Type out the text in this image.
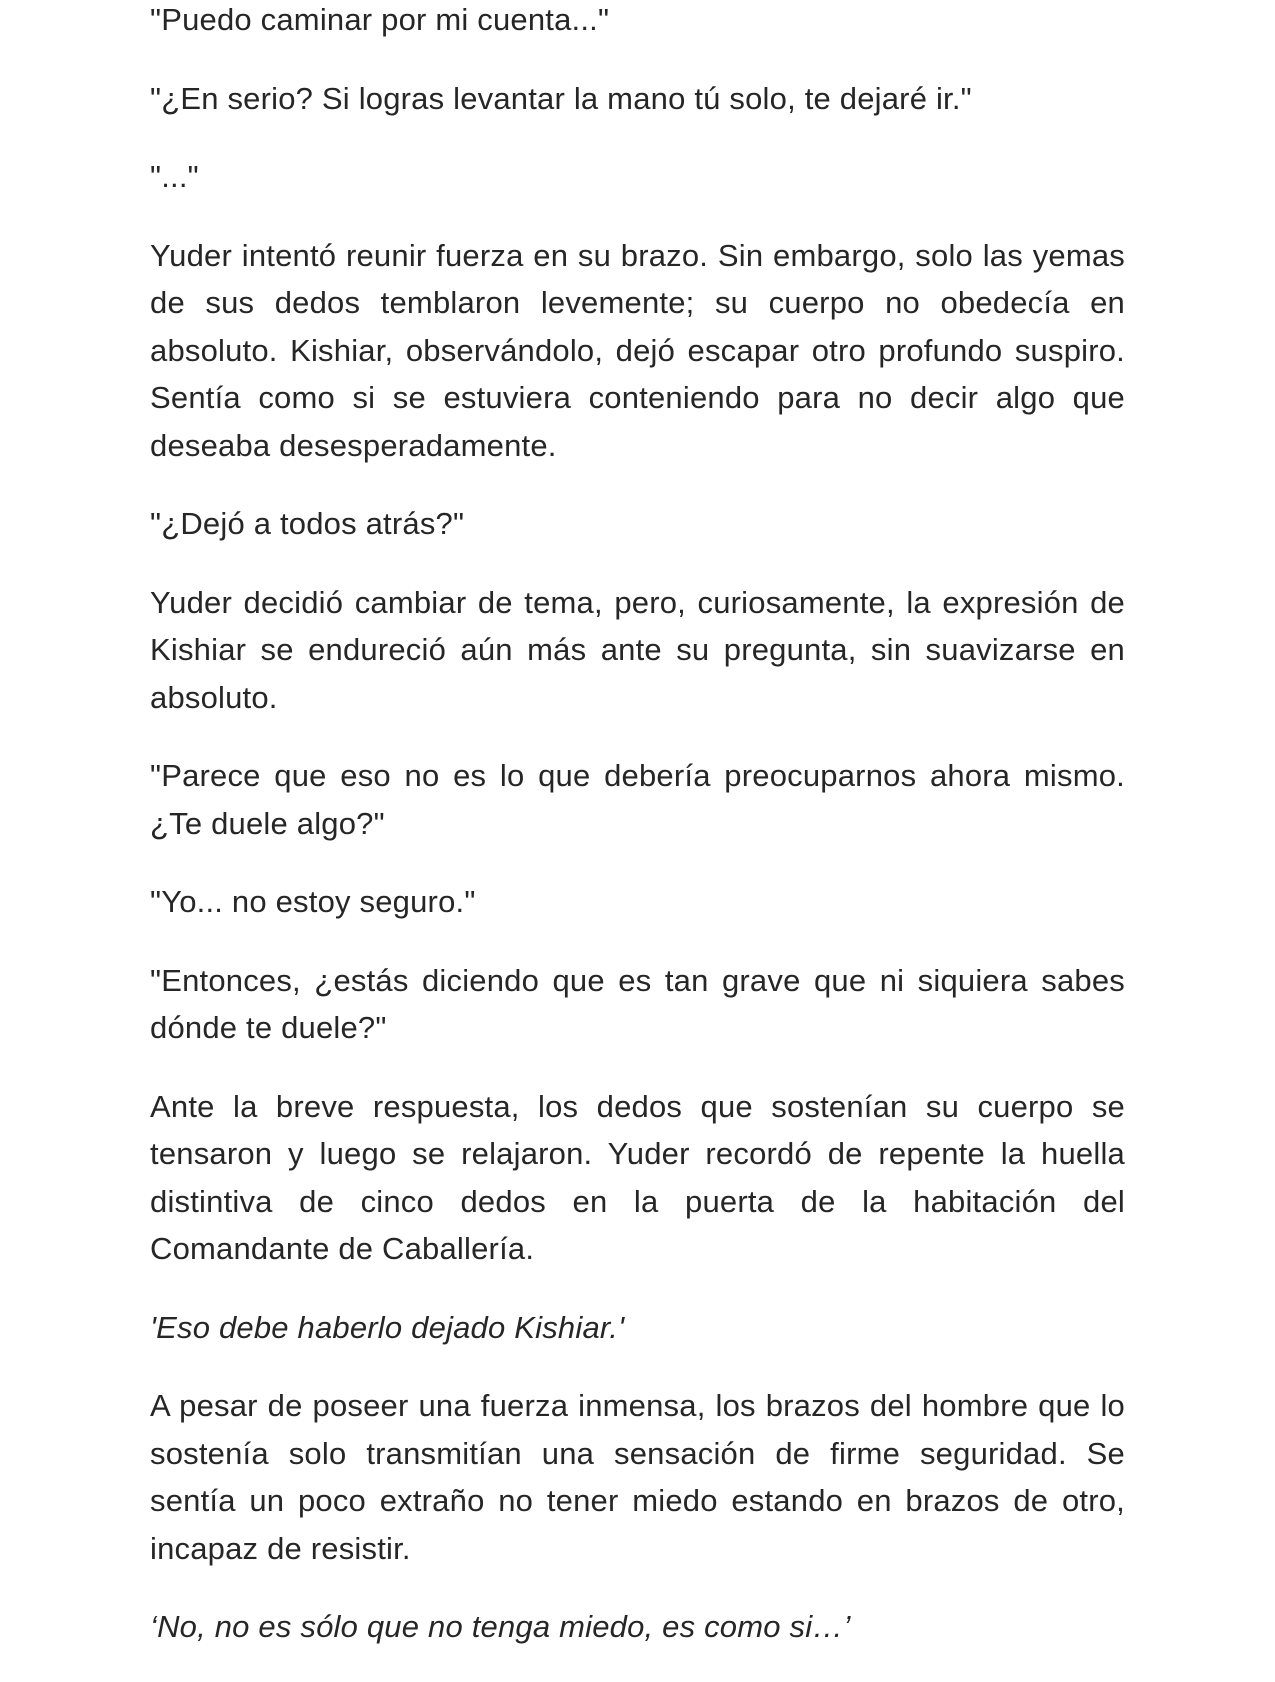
"Puedo caminar por mi cuenta..."

"¿En serio? Si logras levantar la mano tú solo, te dejaré ir."

"..."

Yuder intentó reunir fuerza en su brazo. Sin embargo, solo las yemas de sus dedos temblaron levemente; su cuerpo no obedecía en absoluto. Kishiar, observándolo, dejó escapar otro profundo suspiro. Sentía como si se estuviera conteniendo para no decir algo que deseaba desesperadamente.

"¿Dejó a todos atrás?"

Yuder decidió cambiar de tema, pero, curiosamente, la expresión de Kishiar se endureció aún más ante su pregunta, sin suavizarse en absoluto.

"Parece que eso no es lo que debería preocuparnos ahora mismo. ¿Te duele algo?"

"Yo... no estoy seguro."

"Entonces, ¿estás diciendo que es tan grave que ni siquiera sabes dónde te duele?"

Ante la breve respuesta, los dedos que sostenían su cuerpo se tensaron y luego se relajaron. Yuder recordó de repente la huella distintiva de cinco dedos en la puerta de la habitación del Comandante de Caballería.

'Eso debe haberlo dejado Kishiar.'

A pesar de poseer una fuerza inmensa, los brazos del hombre que lo sostenía solo transmitían una sensación de firme seguridad. Se sentía un poco extraño no tener miedo estando en brazos de otro, incapaz de resistir.

‘No, no es sólo que no tenga miedo, es como si…’
